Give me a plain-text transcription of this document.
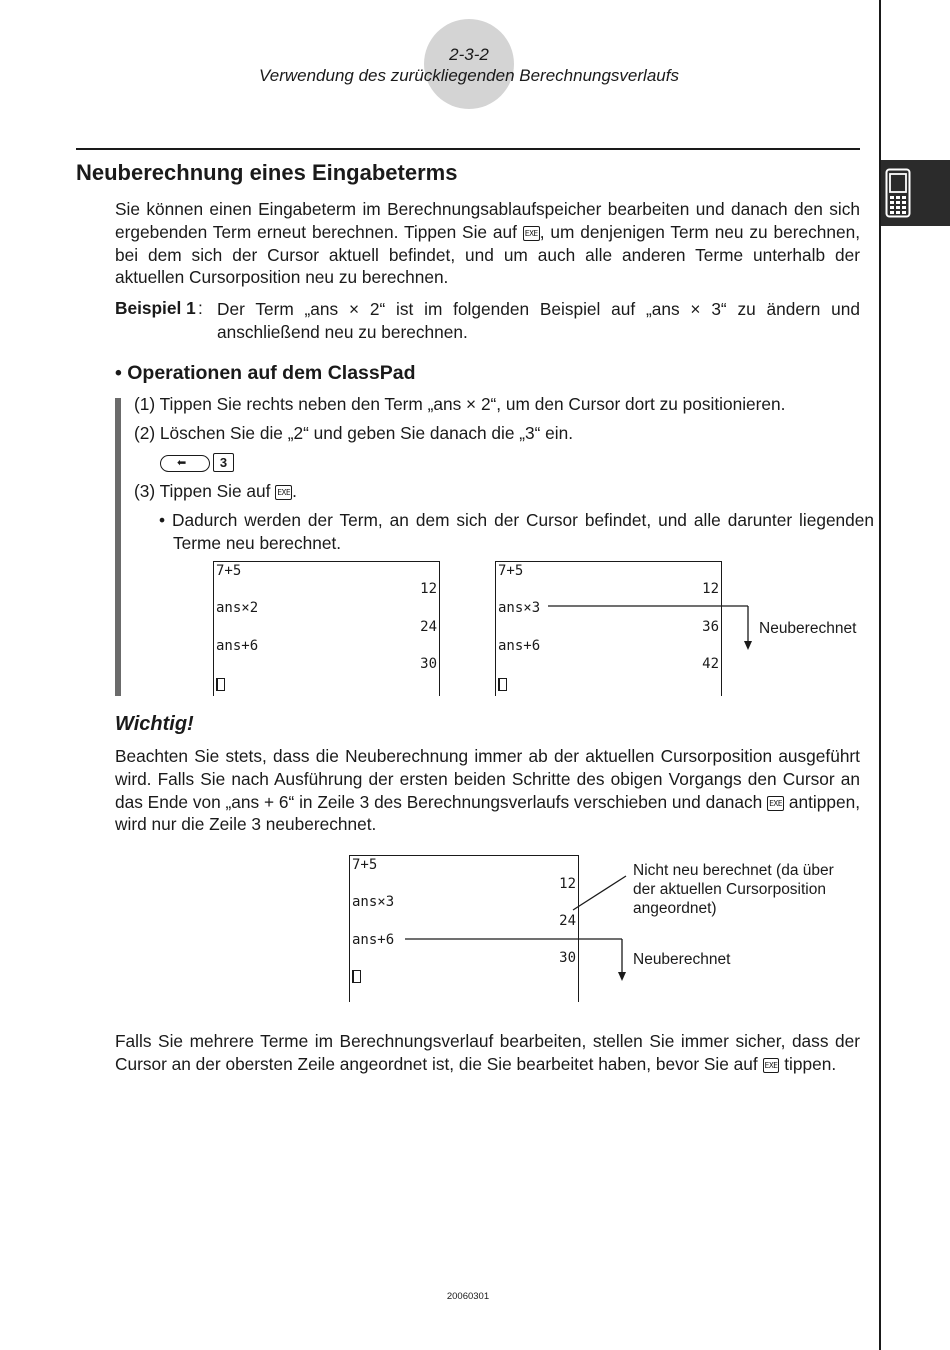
2-3-2
Verwendung des zurückliegenden Berechnungsverlaufs
Neuberechnung eines Eingabeterms

Sie können einen Eingabeterm im Berechnungsablaufspeicher bearbeiten und danach den sich ergebenden Term erneut berechnen. Tippen Sie auf EXE , um denjenigen Term neu zu berechnen, bei dem sich der Cursor aktuell befindet, und um auch alle anderen Terme unterhalb der aktuellen Cursorposition neu zu berechnen.

Beispiel 1 : Der Term „ans × 2“ ist im folgenden Beispiel auf „ans × 3“ zu ändern und anschließend neu zu berechnen.
• Operationen auf dem ClassPad
(1) Tippen Sie rechts neben den Term „ans × 2“, um den Cursor dort zu positionieren.
(2) Löschen Sie die „2“ und geben Sie danach die „3“ ein.
⬅	3
(3) Tippen Sie auf EXE .
• Dadurch werden der Term, an dem sich der Cursor befindet, und alle darunter liegenden Terme neu berechnet.
7+5
12
ans×2
24
ans+6
30
7+5
12
ans×3
36
ans+6
42
Neuberechnet
Wichtig!

Beachten Sie stets, dass die Neuberechnung immer ab der aktuellen Cursorposition ausgeführt wird. Falls Sie nach Ausführung der ersten beiden Schritte des obigen Vorgangs den Cursor an das Ende von „ans + 6“ in Zeile 3 des Berechnungsverlaufs verschieben und danach EXE antippen, wird nur die Zeile 3 neuberechnet.

7+5
12
ans×3
24
ans+6
30
Nicht neu berechnet (da über der aktuellen Cursorposition angeordnet)
Neuberechnet

Falls Sie mehrere Terme im Berechnungsverlauf bearbeiten, stellen Sie immer sicher, dass der Cursor an der obersten Zeile angeordnet ist, die Sie bearbeitet haben, bevor Sie auf EXE tippen.

20060301
